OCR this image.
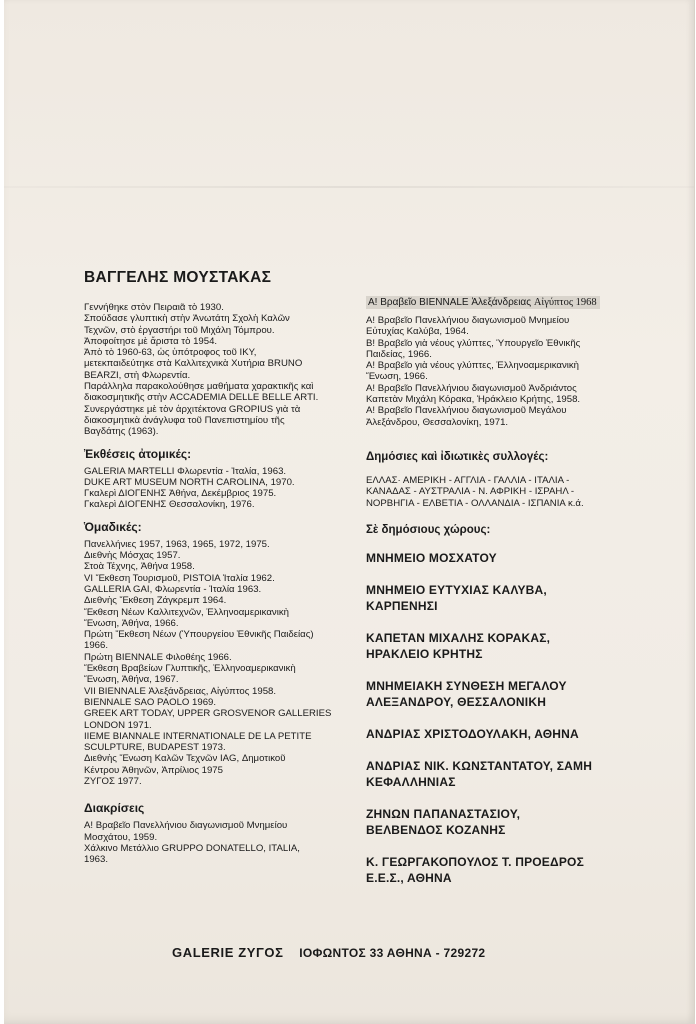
ΒΑΓΓΕΛΗΣ ΜΟΥΣΤΑΚΑΣ
Γεννήθηκε στὸν Πειραιᾶ τὸ 1930.
Σπούδασε γλυπτικὴ στὴν Ἀνωτάτη Σχολὴ Καλῶν
Τεχνῶν, στὸ ἐργαστήρι τοῦ Μιχάλη Τόμπρου.
Ἀποφοίτησε μὲ ἄριστα τὸ 1954.
Ἀπὸ τὸ 1960-63, ὡς ὑπότροφος τοῦ ΙΚΥ,
μετεκπαιδεύτηκε στὰ Καλλιτεχνικὰ Χυτήρια BRUNO
BEARZI, στὴ Φλωρεντία.
Παράλληλα παρακολούθησε μαθήματα χαρακτικῆς καὶ
διακοσμητικῆς στὴν ACCADEMIA DELLE BELLE ARTI.
Συνεργάστηκε μὲ τὸν ἀρχιτέκτονα GROPIUS γιὰ τὰ
διακοσμητικὰ ἀνάγλυφα τοῦ Πανεπιστημίου τῆς
Βαγδάτης (1963).
Ἐκθέσεις ἀτομικές:
GALERIA MARTELLI Φλωρεντία - Ἰταλία, 1963.
DUKE ART MUSEUM NORTH CAROLINA, 1970.
Γκαλερὶ ΔΙΟΓΕΝΗΣ Ἀθήνα, Δεκέμβριος 1975.
Γκαλερὶ ΔΙΟΓΕΝΗΣ Θεσσαλονίκη, 1976.
Ὁμαδικές:
Πανελλήνιες 1957, 1963, 1965, 1972, 1975.
Διεθνὴς Μόσχας 1957.
Στοὰ Τέχνης, Ἀθήνα 1958.
VI Ἔκθεση Τουρισμοῦ, PISTOIA Ἰταλία 1962.
GALLERIA GAI, Φλωρεντία - Ἰταλία 1963.
Διεθνὴς Ἔκθεση Ζάγκρεμπ 1964.
Ἔκθεση Νέων Καλλιτεχνῶν, Ἑλληνοαμερικανικὴ
Ἕνωση, Ἀθήνα, 1966.
Πρώτη Ἔκθεση Νέων (Ὑπουργείου Ἐθνικῆς Παιδείας)
1966.
Πρώτη BIENNALE Φιλοθέης 1966.
Ἔκθεση Βραβείων Γλυπτικῆς, Ἑλληνοαμερικανικὴ
Ἕνωση, Ἀθήνα, 1967.
VII BIENNALE Ἀλεξάνδρειας, Αἰγύπτος 1958.
BIENNALE SAO PAOLO 1969.
GREEK ART TODAY, UPPER GROSVENOR GALLERIES
LONDON 1971.
IIEME BIANNALE INTERNATIONALE DE LA PETITE
SCULPTURE, BUDAPEST 1973.
Διεθνὴς Ἕνωση Καλῶν Τεχνῶν IAG, Δημοτικοῦ
Κέντρου Ἀθηνῶν, Ἀπρίλιος 1975
ΖΥΓΟΣ 1977.
Διακρίσεις
Α! Βραβεῖο Πανελλήνιου διαγωνισμοῦ Μνημείου
Μοσχάτου, 1959.
Χάλκινο Μετάλλιο GRUPPO DONATELLO, ITALIA,
1963.
Α! Βραβεῖο BIENNALE Ἀλεξάνδρειας Αἰγύπτος 1968
Α! Βραβεῖο Πανελλήνιου διαγωνισμοῦ Μνημείου
Εὐτυχίας Καλύβα, 1964.
Β! Βραβεῖο γιὰ νέους γλύπτες, Ὑπουργεῖο Ἐθνικῆς
Παιδείας, 1966.
Α! Βραβεῖο γιὰ νέους γλύπτες, Ἑλληνοαμερικανικὴ
Ἕνωση, 1966.
Α! Βραβεῖο Πανελλήνιου διαγωνισμοῦ Ἀνδριάντος
Καπετὰν Μιχάλη Κόρακα, Ἡράκλειο Κρήτης, 1958.
Α! Βραβεῖο Πανελλήνιου διαγωνισμοῦ Μεγάλου
Ἀλεξάνδρου, Θεσσαλονίκη, 1971.
Δημόσιες καὶ ἰδιωτικὲς συλλογές:
ΕΛΛΑΣ· ΑΜΕΡΙΚΗ - ΑΓΓΛΙΑ - ΓΑΛΛΙΑ - ΙΤΑΛΙΑ -
ΚΑΝΑΔΑΣ - ΑΥΣΤΡΑΛΙΑ - Ν. ΑΦΡΙΚΗ - ΙΣΡΑΗΛ -
ΝΟΡΒΗΓΙΑ - ΕΛΒΕΤΙΑ - ΟΛΛΑΝΔΙΑ - ΙΣΠΑΝΙΑ κ.ά.
Σὲ δημόσιους χώρους:
ΜΝΗΜΕΙΟ ΜΟΣΧΑΤΟΥ
ΜΝΗΜΕΙΟ ΕΥΤΥΧΙΑΣ ΚΑΛΥΒΑ,
ΚΑΡΠΕΝΗΣΙ
ΚΑΠΕΤΑΝ ΜΙΧΑΛΗΣ ΚΟΡΑΚΑΣ,
ΗΡΑΚΛΕΙΟ ΚΡΗΤΗΣ
ΜΝΗΜΕΙΑΚΗ ΣΥΝΘΕΣΗ ΜΕΓΑΛΟΥ
ΑΛΕΞΑΝΔΡΟΥ, ΘΕΣΣΑΛΟΝΙΚΗ
ΑΝΔΡΙΑΣ ΧΡΙΣΤΟΔΟΥΛΑΚΗ, ΑΘΗΝΑ
ΑΝΔΡΙΑΣ ΝΙΚ. ΚΩΝΣΤΑΝΤΑΤΟΥ, ΣΑΜΗ
ΚΕΦΑΛΛΗΝΙΑΣ
ΖΗΝΩΝ ΠΑΠΑΝΑΣΤΑΣΙΟΥ,
ΒΕΛΒΕΝΔΟΣ ΚΟΖΑΝΗΣ
Κ. ΓΕΩΡΓΑΚΟΠΟΥΛΟΣ Τ. ΠΡΟΕΔΡΟΣ
Ε.Ε.Σ., ΑΘΗΝΑ
GALERIE ΖΥΓΟΣ ΙΟΦΩΝΤΟΣ 33 ΑΘΗΝΑ - 729272
